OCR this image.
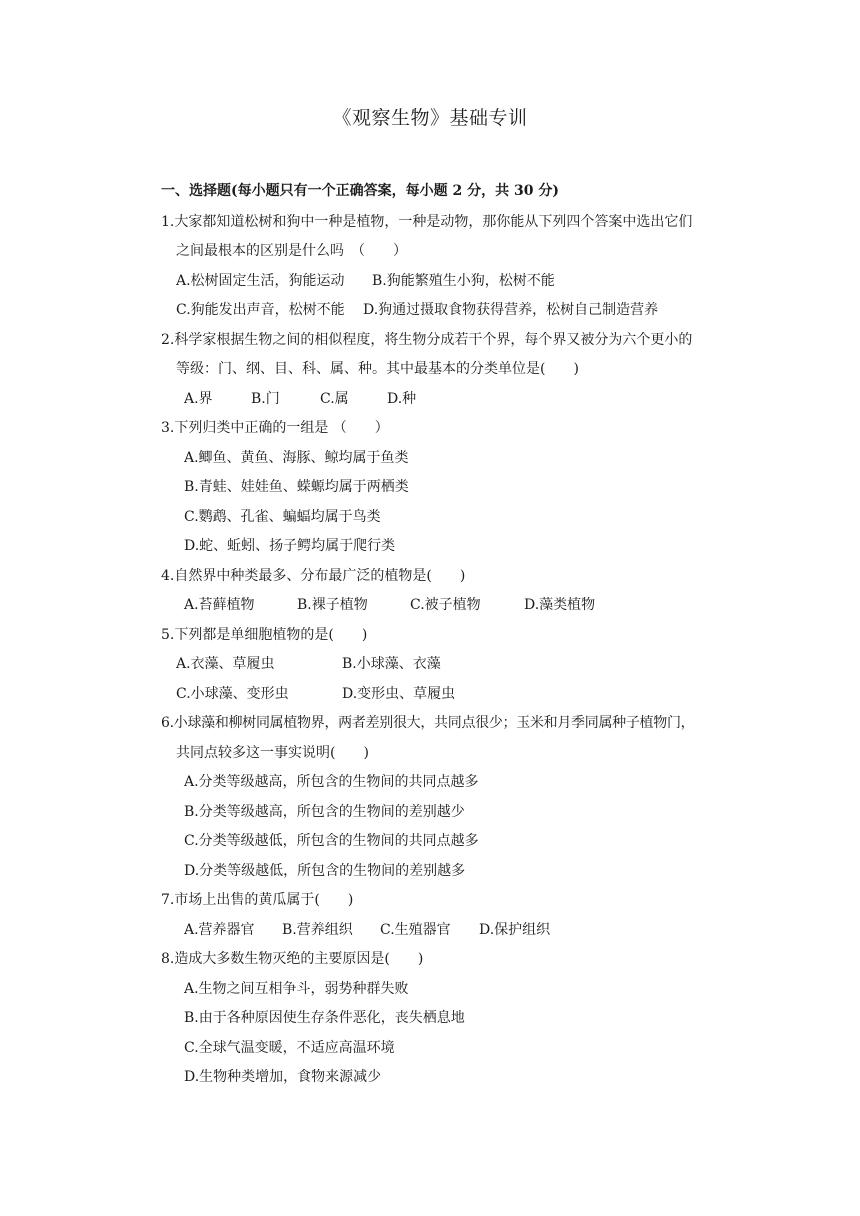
《观察生物》基础专训
一、选择题(每小题只有一个正确答案，每小题 2 分，共 30 分)
1.大家都知道松树和狗中一种是植物，一种是动物，那你能从下列四个答案中选出它们
之间最根本的区别是什么吗　（　　）
A.松树固定生活，狗能运动 B.狗能繁殖生小狗，松树不能
C.狗能发出声音，松树不能 D.狗通过摄取食物获得营养，松树自己制造营养
2.科学家根据生物之间的相似程度，将生物分成若干个界，每个界又被分为六个更小的
等级：门、纲、目、科、属、种。其中最基本的分类单位是(　　)
A.界	B.门	C.属	D.种
3.下列归类中正确的一组是 （　　）
A.鲫鱼、黄鱼、海豚、鲸均属于鱼类
B.青蛙、娃娃鱼、蝾螈均属于两栖类
C.鹦鹉、孔雀、蝙蝠均属于鸟类
D.蛇、蚯蚓、扬子鳄均属于爬行类
4.自然界中种类最多、分布最广泛的植物是(　　)
A.苔藓植物	B.裸子植物	C.被子植物	D.藻类植物
5.下列都是单细胞植物的是(　　)
A.衣藻、草履虫	B.小球藻、衣藻
C.小球藻、变形虫	D.变形虫、草履虫
6.小球藻和柳树同属植物界，两者差别很大，共同点很少；玉米和月季同属种子植物门，
共同点较多这一事实说明(　　)
A.分类等级越高，所包含的生物间的共同点越多
B.分类等级越高，所包含的生物间的差别越少
C.分类等级越低，所包含的生物间的共同点越多
D.分类等级越低，所包含的生物间的差别越多
7.市场上出售的黄瓜属于(　　)
A.营养器官 B.营养组织 C.生殖器官 D.保护组织
8.造成大多数生物灭绝的主要原因是(　　)
A.生物之间互相争斗，弱势种群失败
B.由于各种原因使生存条件恶化，丧失栖息地
C.全球气温变暖，不适应高温环境
D.生物种类增加，食物来源减少
